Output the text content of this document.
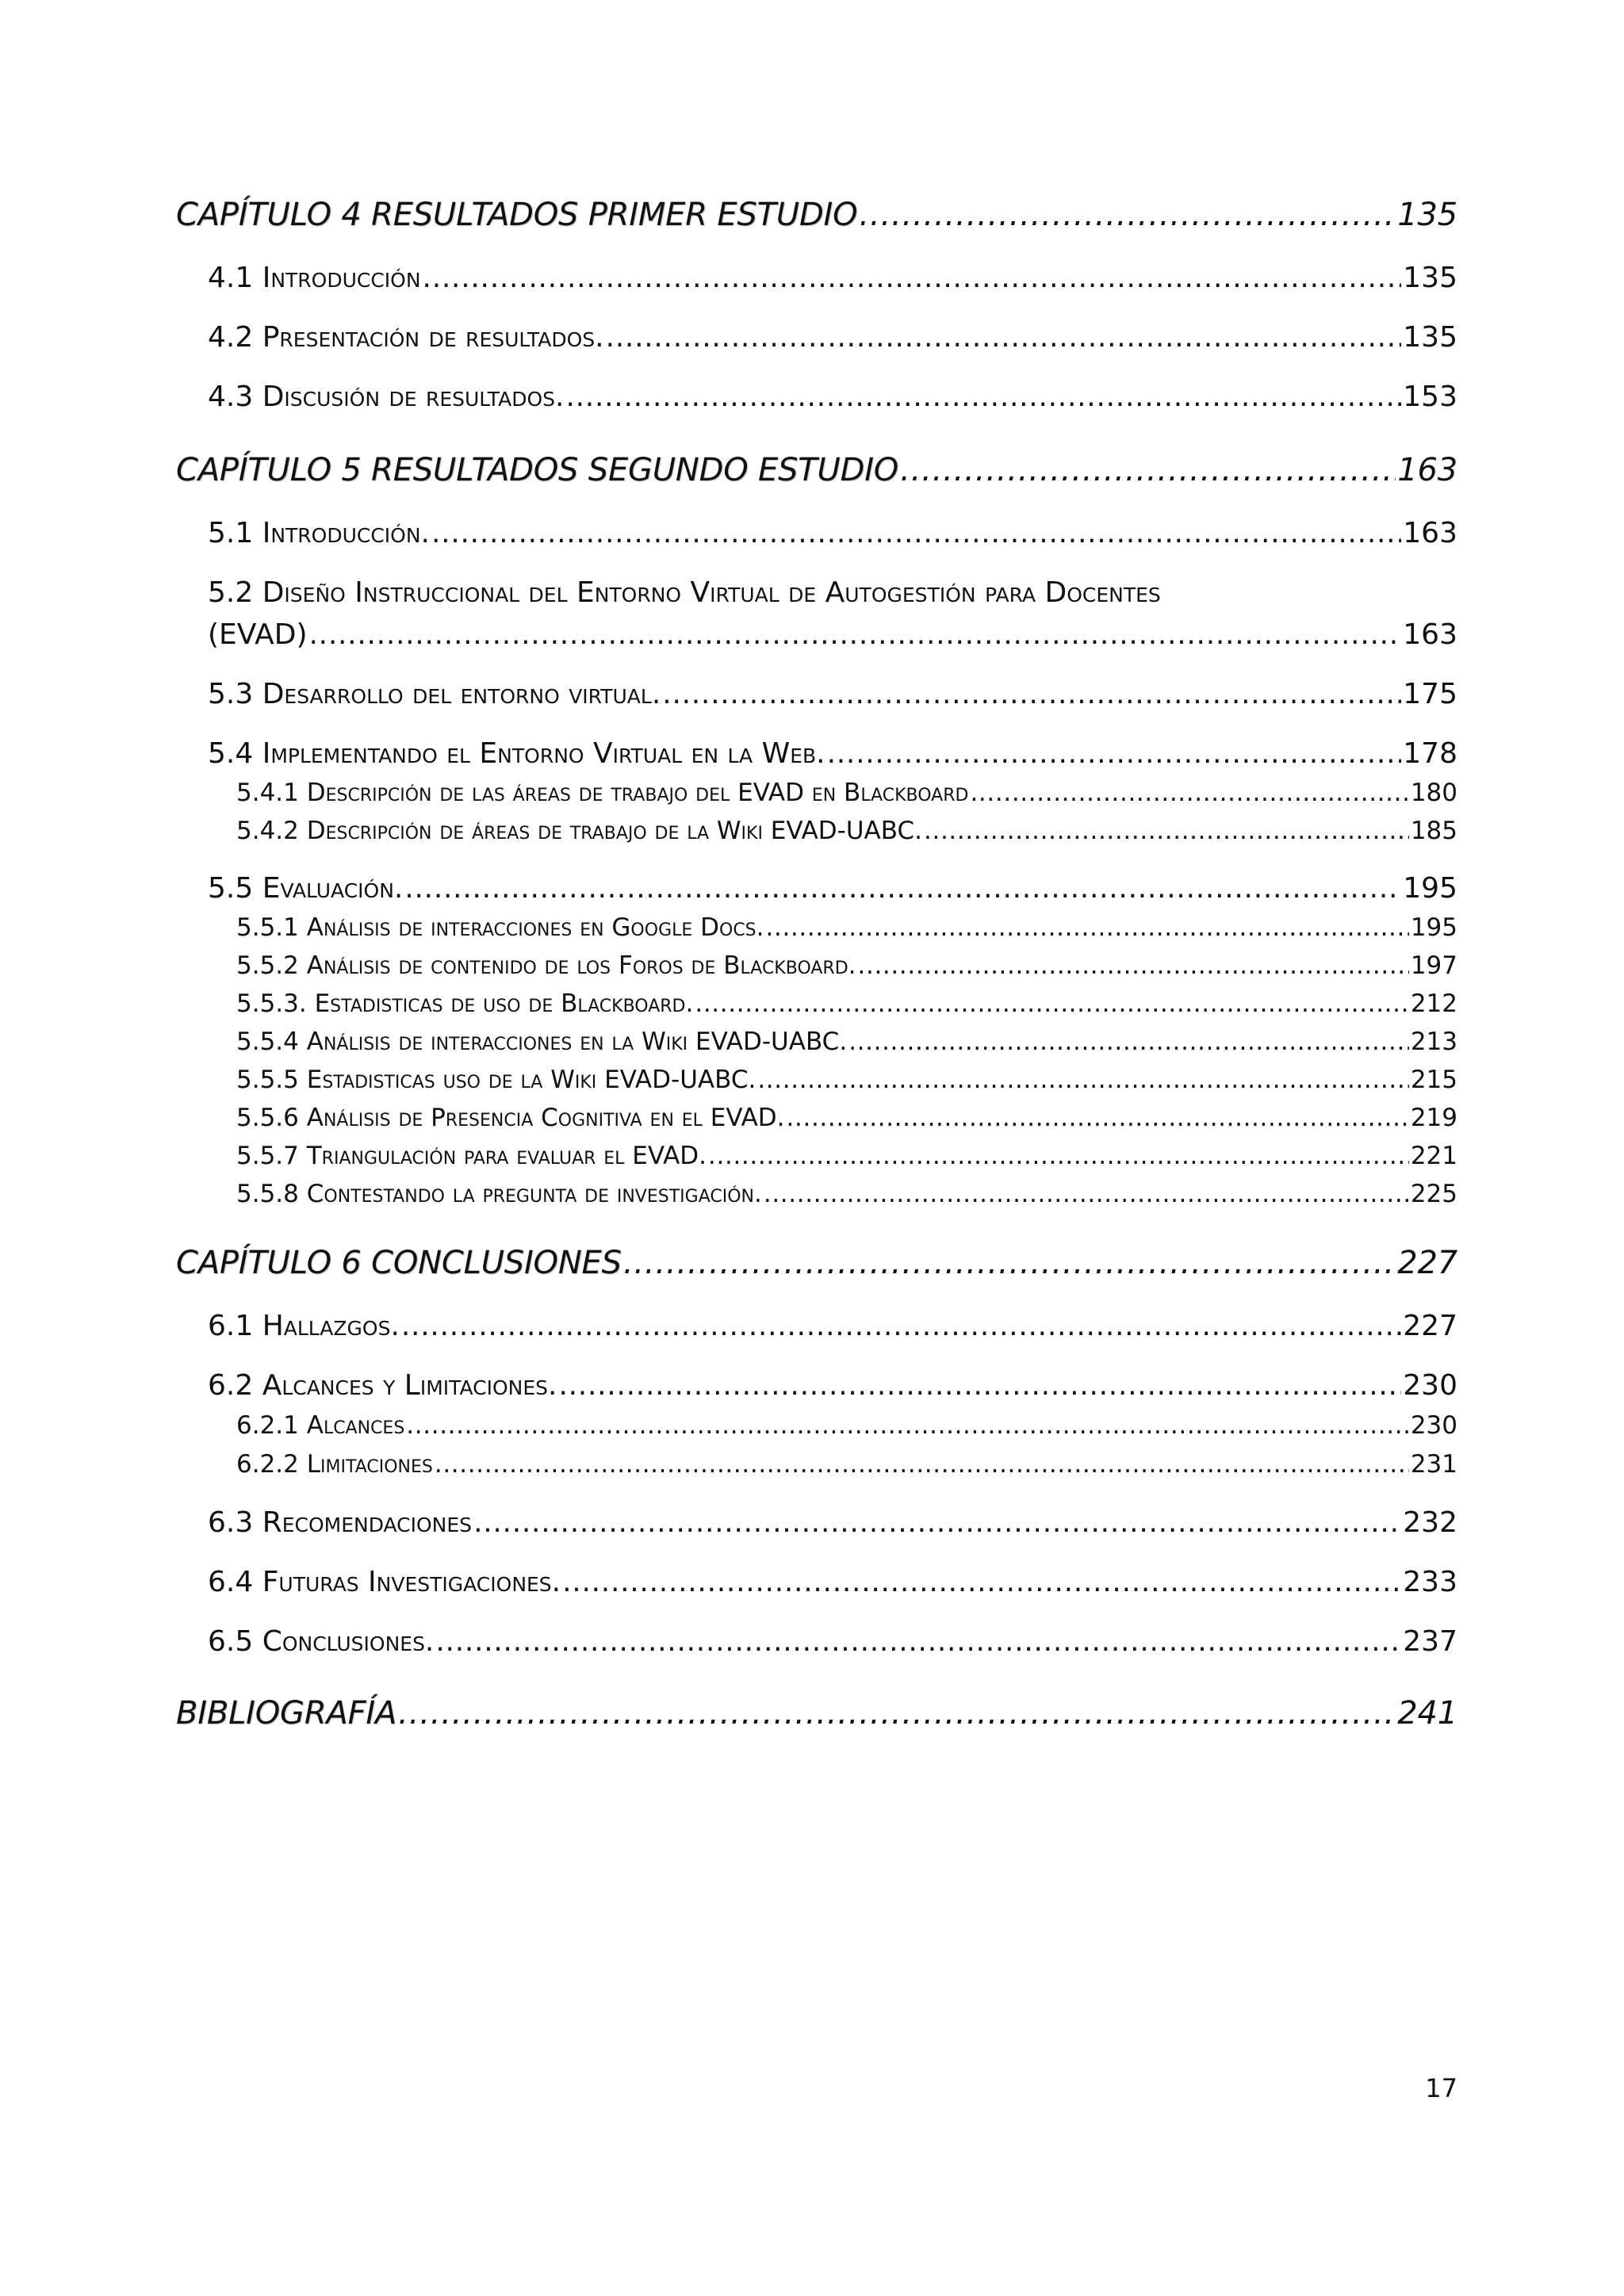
CAPÍTULO 4 RESULTADOS PRIMER ESTUDIO .....	135
4.1 Introducción .....	135
4.2 Presentación de resultados. .....	135
4.3 Discusión de resultados. .....	153
CAPÍTULO 5 RESULTADOS SEGUNDO ESTUDIO .....	163
5.1 Introducción. .....	163
5.2 Diseño Instruccional del Entorno Virtual de Autogestión para Docentes
(EVAD) .....	163
5.3 Desarrollo del entorno virtual. .....	175
5.4 Implementando el Entorno Virtual en la Web. .....	178
5.4.1 Descripción de las áreas de trabajo del EVAD en Blackboard .....	180
5.4.2 Descripción de áreas de trabajo de la Wiki EVAD-UABC. .....	185
5.5 Evaluación. .....	195
5.5.1 Análisis de interacciones en Google Docs. .....	195
5.5.2 Análisis de contenido de los Foros de Blackboard. .....	197
5.5.3. Estadisticas de uso de Blackboard. .....	212
5.5.4 Análisis de interacciones en la Wiki EVAD-UABC. .....	213
5.5.5 Estadisticas uso de la Wiki EVAD-UABC. .....	215
5.5.6 Análisis de Presencia Cognitiva en el EVAD. .....	219
5.5.7 Triangulación para evaluar el EVAD. .....	221
5.5.8 Contestando la pregunta de investigación. .....	225
CAPÍTULO 6 CONCLUSIONES .....	227
6.1 Hallazgos. .....	227
6.2 Alcances y Limitaciones. .....	230
6.2.1 Alcances .....	230
6.2.2 Limitaciones .....	231
6.3 Recomendaciones .....	232
6.4 Futuras Investigaciones. .....	233
6.5 Conclusiones. .....	237
BIBLIOGRAFÍA .....	241
17
